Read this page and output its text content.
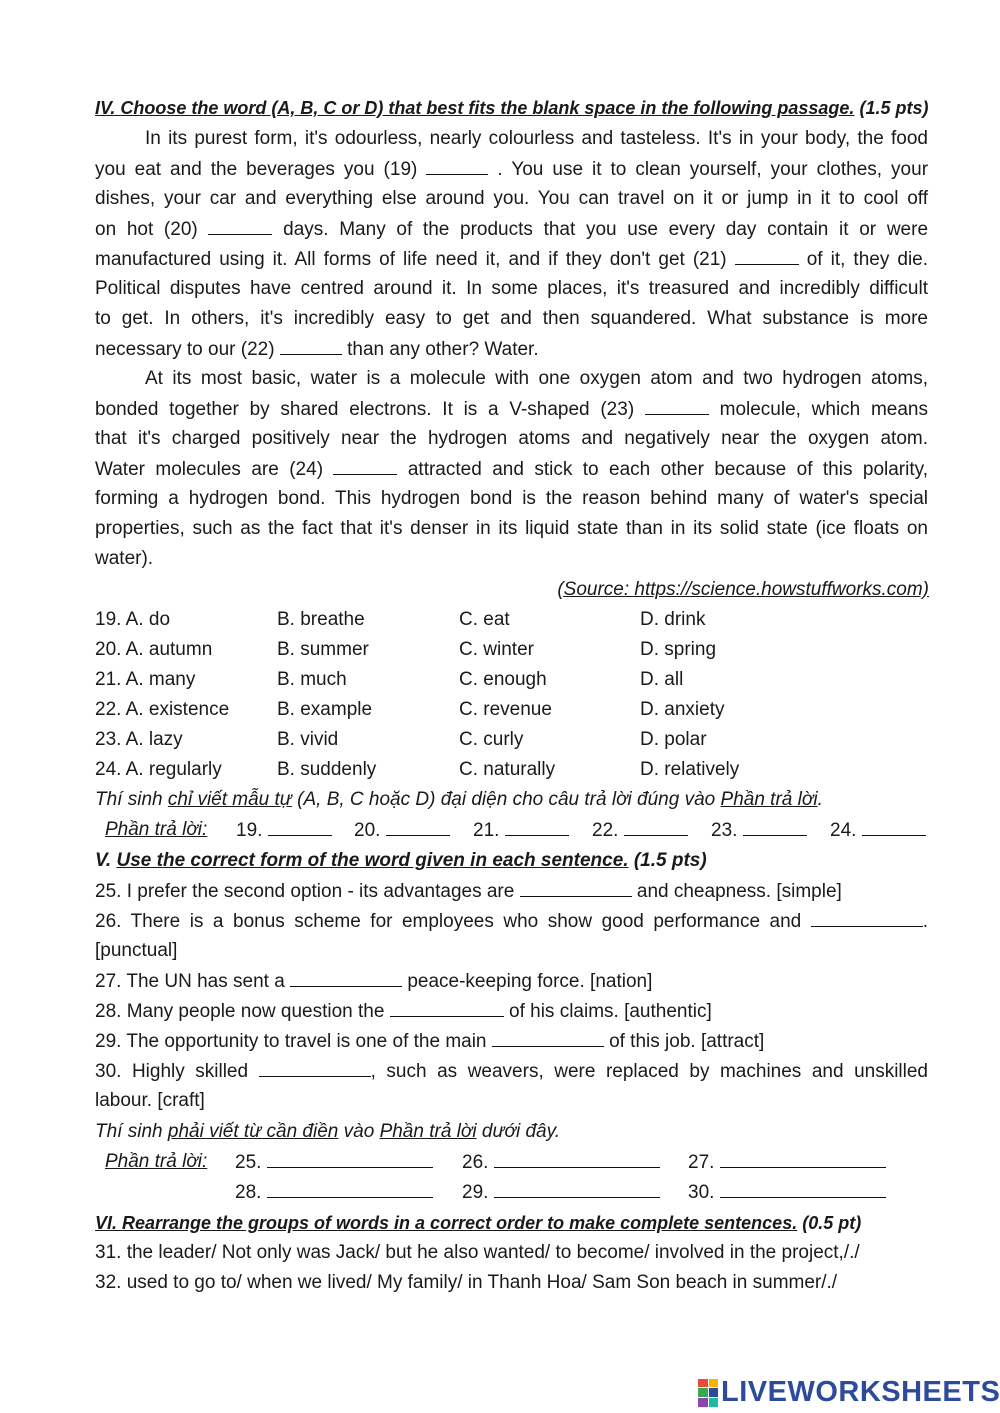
IV. Choose the word (A, B, C or D) that best fits the blank space in the following passage. (1.5 pts)
In its purest form, it's odourless, nearly colourless and tasteless. It's in your body, the food
you eat and the beverages you (19)	. You use it to clean yourself, your clothes, your
dishes, your car and everything else around you. You can travel on it or jump in it to cool off
on hot (20)	days. Many of the products that you use every day contain it or were
manufactured using it. All forms of life need it, and if they don't get (21)	of it, they die.
Political disputes have centred around it. In some places, it's treasured and incredibly difficult
to get. In others, it's incredibly easy to get and then squandered. What substance is more
necessary to our (22)	than any other? Water.
At its most basic, water is a molecule with one oxygen atom and two hydrogen atoms,
bonded together by shared electrons. It is a V-shaped (23)	molecule, which means
that it's charged positively near the hydrogen atoms and negatively near the oxygen atom.
Water molecules are (24)	attracted and stick to each other because of this polarity,
forming a hydrogen bond. This hydrogen bond is the reason behind many of water's special
properties, such as the fact that it's denser in its liquid state than in its solid state (ice floats on
water).
(Source: https://science.howstuffworks.com)
19. A. do	B. breathe	C. eat	D. drink
20. A. autumn	B. summer	C. winter	D. spring
21. A. many	B. much	C. enough	D. all
22. A. existence	B. example	C. revenue	D. anxiety
23. A. lazy	B. vivid	C. curly	D. polar
24. A. regularly	B. suddenly	C. naturally	D. relatively
Thí sinh chỉ viết mẫu tự (A, B, C hoặc D) đại diện cho câu trả lời đúng vào Phần trả lời.
Phần trả lời: 19.	20.	21.	22.	23.	24.
V. Use the correct form of the word given in each sentence. (1.5 pts)
25. I prefer the second option - its advantages are	and cheapness. [simple]
26. There is a bonus scheme for employees who show good performance and	.
[punctual]
27. The UN has sent a	peace-keeping force. [nation]
28. Many people now question the	of his claims. [authentic]
29. The opportunity to travel is one of the main	of this job. [attract]
30. Highly skilled	, such as weavers, were replaced by machines and unskilled
labour. [craft]
Thí sinh phải viết từ cần điền vào Phần trả lời dưới đây.
Phần trả lời: 25.	26.	27.
28.	29.	30.
VI. Rearrange the groups of words in a correct order to make complete sentences. (0.5 pt)
31. the leader/ Not only was Jack/ but he also wanted/ to become/ involved in the project,/./
32. used to go to/ when we lived/ My family/ in Thanh Hoa/ Sam Son beach in summer/./
LIVEWORKSHEETS
